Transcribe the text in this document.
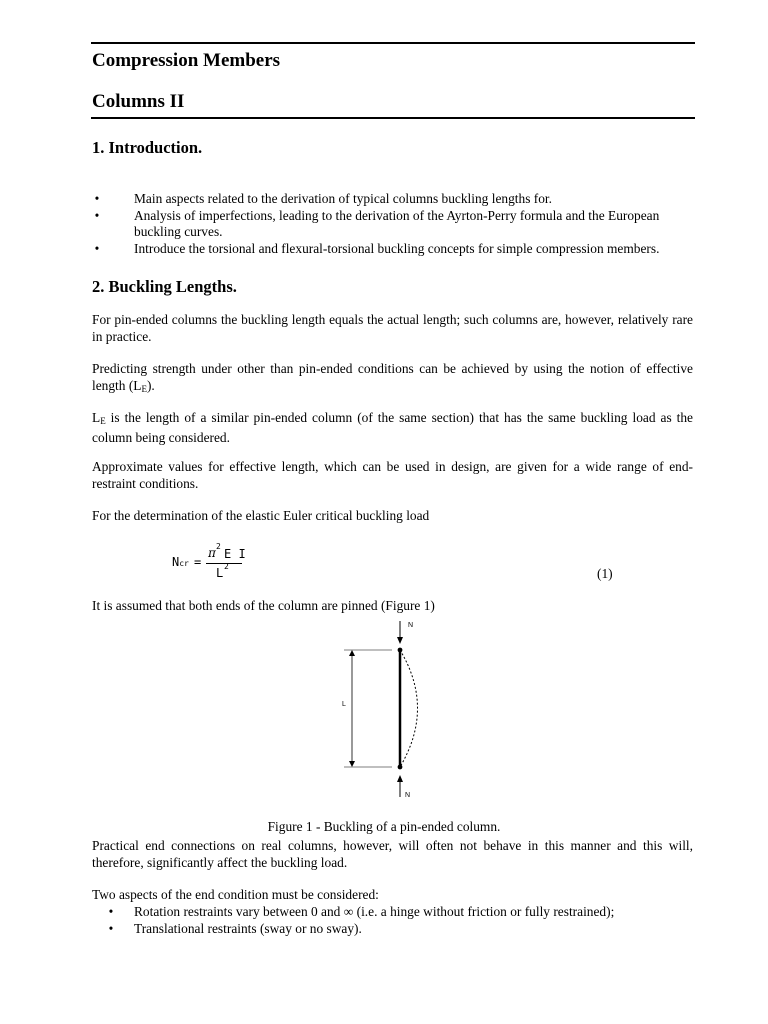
Compression Members
Columns II
1. Introduction.
•	Main aspects related to the derivation of typical columns buckling lengths for.
•	Analysis of imperfections, leading to the derivation of the Ayrton-Perry formula and the European buckling curves.
•	Introduce the torsional and flexural-torsional buckling concepts for simple compression members.
2. Buckling Lengths.

For pin-ended columns the buckling length equals the actual length; such columns are, however, relatively rare in practice.

Predicting strength under other than pin-ended conditions can be achieved by using the notion of effective length $(L_E)$.

$L_E$ is the length of a similar pin-ended column (of the same section) that has the same buckling load as the column being considered.

Approximate values for effective length, which can be used in design, are given for a wide range of end-restraint conditions.

For the determination of the elastic Euler critical buckling load

Ncr =
π 2
E I
L 2	(1)

It is assumed that both ends of the column are pinned (Figure 1)

N
L
N

Figure 1 - Buckling of a pin-ended column.

Practical end connections on real columns, however, will often not behave in this manner and this will, therefore, significantly affect the buckling load.

Two aspects of the end condition must be considered:

• Rotation restraints vary between 0 and ∞ (i.e. a hinge without friction or fully restrained);
• Translational restraints (sway or no sway).
